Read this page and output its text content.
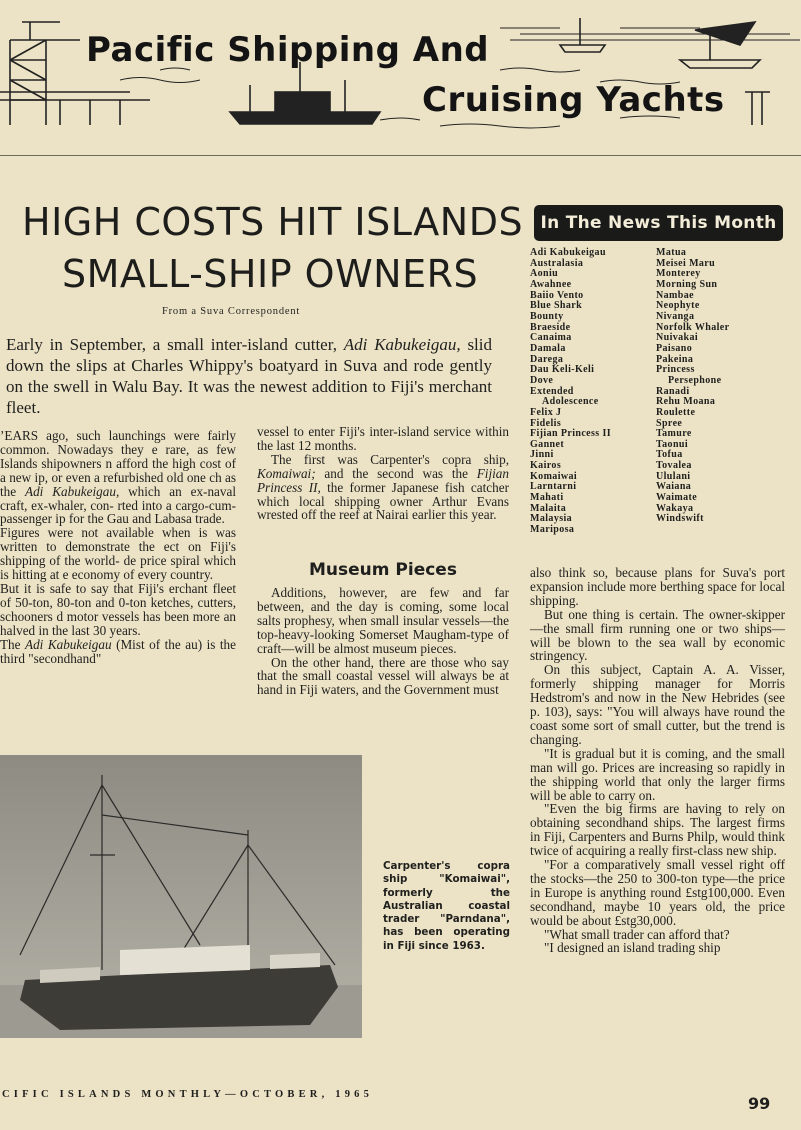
Pacific Shipping And
Cruising Yachts
HIGH COSTS HIT ISLANDS
SMALL-SHIP OWNERS
From a Suva Correspondent
Early in September, a small inter-island cutter, Adi Kabukeigau, slid down the slips at Charles Whippy's boatyard in Suva and rode gently on the swell in Walu Bay. It was the newest addition to Fiji's merchant fleet.

ʼEARS ago, such launchings were fairly common. Nowadays they e rare, as few Islands shipowners n afford the high cost of a new ip, or even a refurbished old one ch as the Adi Kabukeigau, which an ex-naval craft, ex-whaler, con- rted into a cargo-cum-passenger ip for the Gau and Labasa trade.

Figures were not available when is was written to demonstrate the ect on Fiji's shipping of the world- de price spiral which is hitting at e economy of every country.

But it is safe to say that Fiji's erchant fleet of 50-ton, 80-ton and 0-ton ketches, cutters, schooners d motor vessels has been more an halved in the last 30 years.

The Adi Kabukeigau (Mist of the au) is the third "secondhand"

vessel to enter Fiji's inter-island service within the last 12 months.

The first was Carpenter's copra ship, Komaiwai; and the second was the Fijian Princess II, the former Japanese fish catcher which local shipping owner Arthur Evans wrested off the reef at Nairai earlier this year.

Museum Pieces

Additions, however, are few and far between, and the day is coming, some local salts prophesy, when small insular vessels—the top-heavy-looking Somerset Maugham-type of craft—will be almost museum pieces.

On the other hand, there are those who say that the small coastal vessel will always be at hand in Fiji waters, and the Government must

also think so, because plans for Suva's port expansion include more berthing space for local shipping.

But one thing is certain. The owner-skipper—the small firm running one or two ships—will be blown to the sea wall by economic stringency.

On this subject, Captain A. A. Visser, formerly shipping manager for Morris Hedstrom's and now in the New Hebrides (see p. 103), says: "You will always have round the coast some sort of small cutter, but the trend is changing.

"It is gradual but it is coming, and the small man will go. Prices are increasing so rapidly in the shipping world that only the larger firms will be able to carry on.

"Even the big firms are having to rely on obtaining secondhand ships. The largest firms in Fiji, Carpenters and Burns Philp, would think twice of acquiring a really first-class new ship.

"For a comparatively small vessel right off the stocks—the 250 to 300-ton type—the price in Europe is anything round £stg100,000. Even secondhand, maybe 10 years old, the price would be about £stg30,000.

"What small trader can afford that?

"I designed an island trading ship

In The News This Month
Adi Kabukeigau
Australasia
Aoniu
Awahnee
Baiio Vento
Blue Shark
Bounty
Braeside
Canaima
Damala
Darega
Dau Keli-Keli
Dove
Extended
Adolescence
Felix J
Fidelis
Fijian Princess II
Gannet
Jinni
Kairos
Komaiwai
Larntarni
Mahati
Malaita
Malaysia
Mariposa
Matua
Meisei Maru
Monterey
Morning Sun
Nambae
Neophyte
Nivanga
Norfolk Whaler
Nuivakai
Paisano
Pakeina
Princess
Persephone
Ranadi
Rehu Moana
Roulette
Spree
Tamure
Taonui
Tofua
Tovalea
Ululani
Waiana
Waimate
Wakaya
Windswift
Carpenter's copra ship "Komaiwai", formerly the Australian coastal trader "Parndana", has been operating in Fiji since 1963.
CIFIC ISLANDS MONTHLY—OCTOBER, 1965	99
